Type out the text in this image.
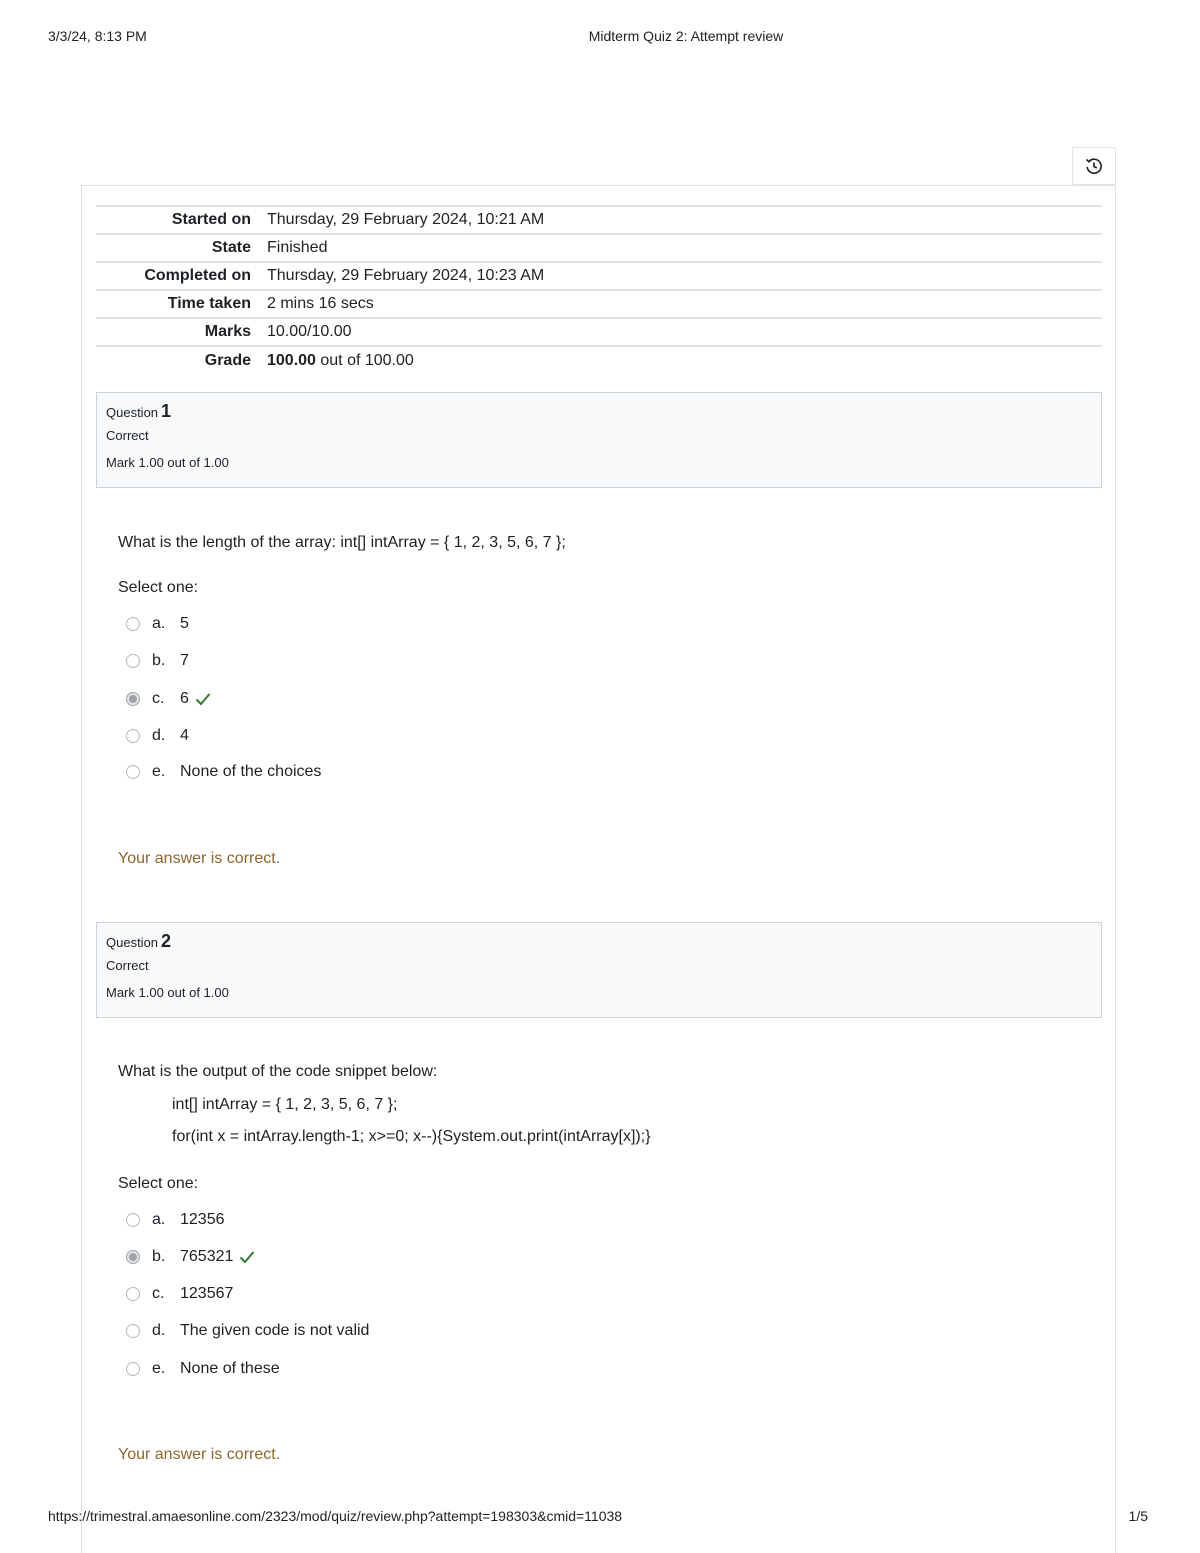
3/3/24, 8:13 PM	Midterm Quiz 2: Attempt review
Started on	Thursday, 29 February 2024, 10:21 AM
State	Finished
Completed on	Thursday, 29 February 2024, 10:23 AM
Time taken	2 mins 16 secs
Marks	10.00/10.00
Grade	100.00 out of 100.00
Question 1
Correct
Mark 1.00 out of 1.00
What is the length of the array: int[] intArray = { 1, 2, 3, 5, 6, 7 };
Select one:
a. 5
b. 7
c. 6
d. 4
e. None of the choices
Your answer is correct.
Question 2
Correct
Mark 1.00 out of 1.00
What is the output of the code snippet below:
int[] intArray = { 1, 2, 3, 5, 6, 7 };
for(int x = intArray.length-1; x>=0; x--){System.out.print(intArray[x]);}
Select one:
a. 12356
b. 765321
c. 123567
d. The given code is not valid
e. None of these
Your answer is correct.
https://trimestral.amaesonline.com/2323/mod/quiz/review.php?attempt=198303&cmid=11038	1/5
